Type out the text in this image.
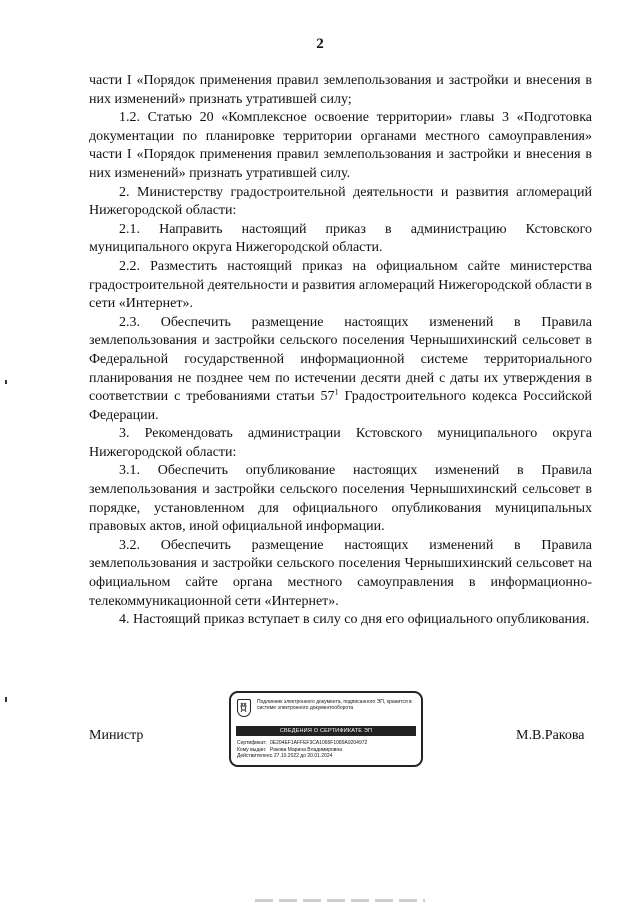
2

части I «Порядок применения правил землепользования и застройки и внесения в них изменений» признать утратившей силу;

1.2. Статью 20 «Комплексное освоение территории» главы 3 «Подготовка документации по планировке территории органами местного самоуправления» части I «Порядок применения правил землепользования и застройки и внесения в них изменений» признать утратившей силу.

2. Министерству градостроительной деятельности и развития агломераций Нижегородской области:

2.1. Направить настоящий приказ в администрацию Кстовского муниципального округа Нижегородской области.

2.2. Разместить настоящий приказ на официальном сайте министерства градостроительной деятельности и развития агломераций Нижегородской области в сети «Интернет».

2.3. Обеспечить размещение настоящих изменений в Правила землепользования и застройки сельского поселения Чернышихинский сельсовет в Федеральной государственной информационной системе территориального планирования не позднее чем по истечении десяти дней с даты их утверждения в соответствии с требованиями статьи $57^1$ Градостроительного кодекса Российской Федерации.

3. Рекомендовать администрации Кстовского муниципального округа Нижегородской области:

3.1. Обеспечить опубликование настоящих изменений в Правила землепользования и застройки сельского поселения Чернышихинский сельсовет в порядке, установленном для официального опубликования муниципальных правовых актов, иной официальной информации.

3.2. Обеспечить размещение настоящих изменений в Правила землепользования и застройки сельского поселения Чернышихинский сельсовет на официальном сайте органа местного самоуправления в информационно-телекоммуникационной сети «Интернет».

4. Настоящий приказ вступает в силу со дня его официального опубликования.

Министр	М.В.Ракова
Подлинник электронного документа, подписанного ЭП, хранится в системе электронного документооборота
СВЕДЕНИЯ О СЕРТИФИКАТЕ ЭП
Сертификат: 0E204EF1AFFEF3CA1065F1089A9204972
Кому выдан: Ракова Марина Владимировна
Действителен:с 27.10.2022 до 20.01.2024
